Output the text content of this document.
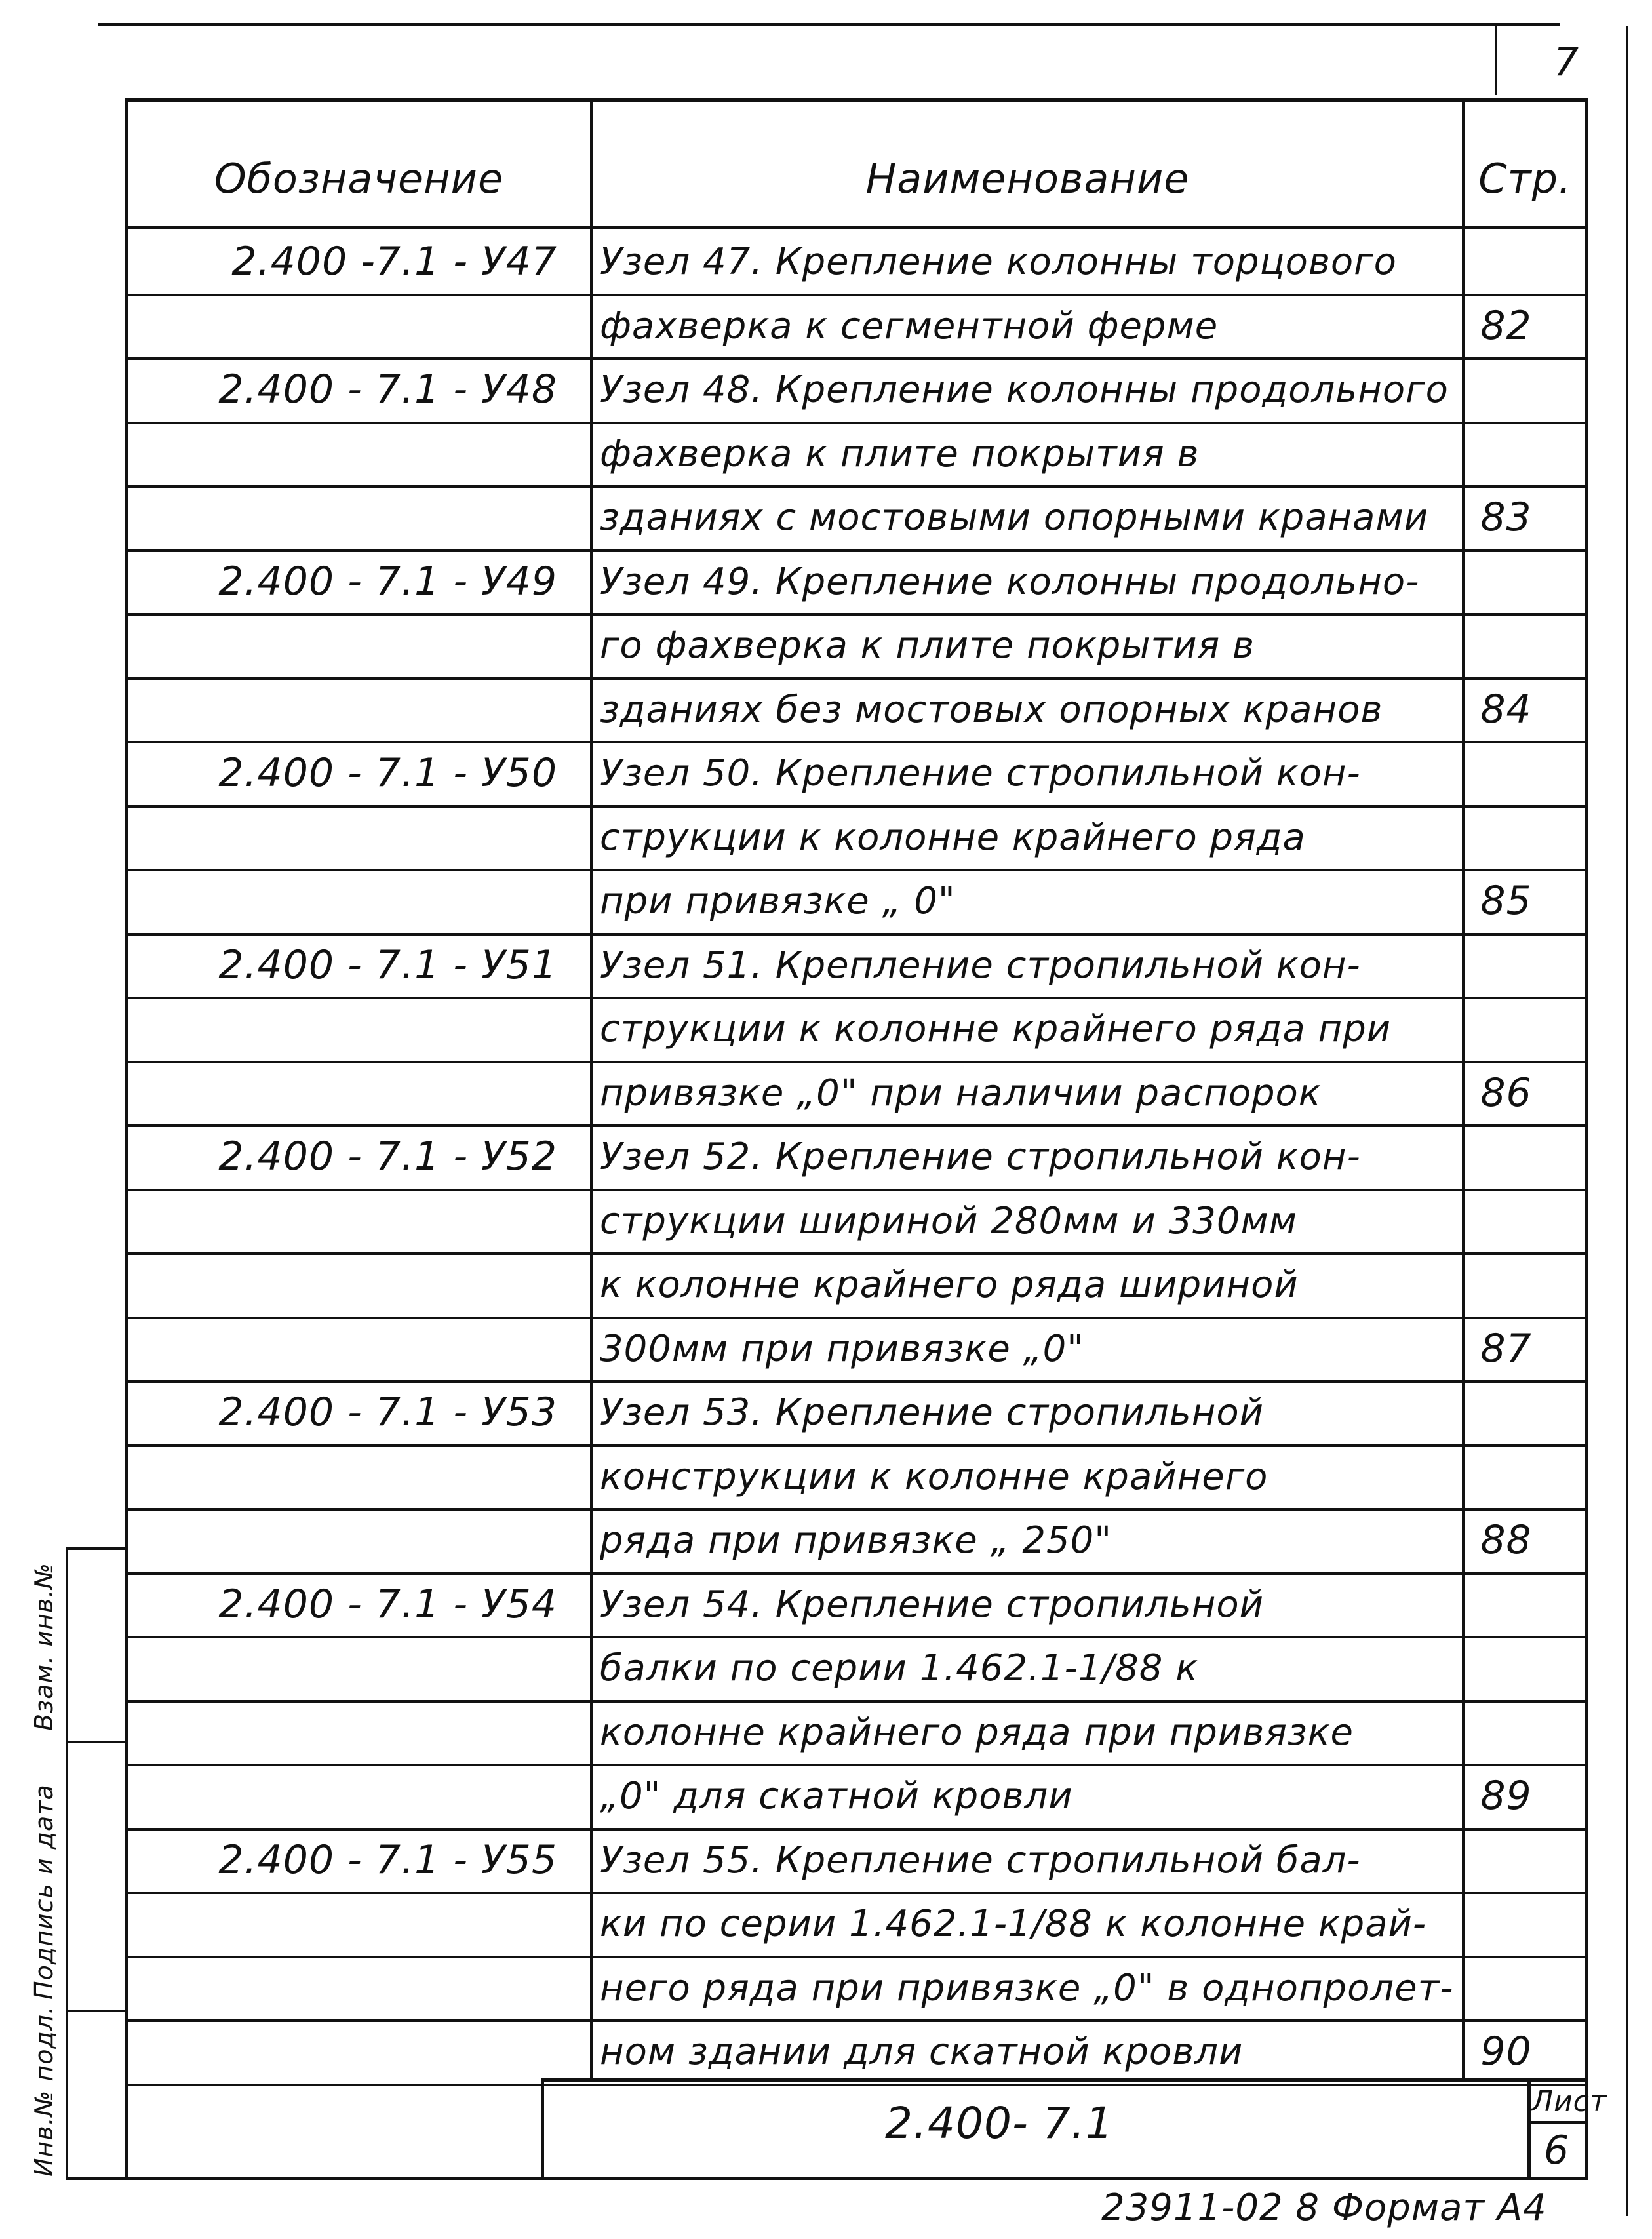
7
Обозначение	Наименование	Стр.
2.400 -7.1 - У47	Узел 47. Крепление колонны торцового
фахверка к сегментной ферме	82
2.400 - 7.1 - У48	Узел 48. Крепление колонны продольного
фахверка к плите покрытия в
зданиях с мостовыми опорными кранами	83
2.400 - 7.1 - У49	Узел 49. Крепление колонны продольно-
го фахверка к плите покрытия в
зданиях без мостовых опорных кранов	84
2.400 - 7.1 - У50	Узел 50. Крепление стропильной кон-
струкции к колонне крайнего ряда
при привязке „ 0"	85
2.400 - 7.1 - У51	Узел 51. Крепление стропильной кон-
струкции к колонне крайнего ряда при
привязке „0" при наличии распорок	86
2.400 - 7.1 - У52	Узел 52. Крепление стропильной кон-
струкции шириной 280мм и 330мм
к колонне крайнего ряда шириной
300мм при привязке „0"	87
2.400 - 7.1 - У53	Узел 53. Крепление стропильной
конструкции к колонне крайнего
ряда при привязке „ 250"	88
2.400 - 7.1 - У54	Узел 54. Крепление стропильной
балки по серии 1.462.1-1/88 к
колонне крайнего ряда при привязке
„0" для скатной кровли	89
2.400 - 7.1 - У55	Узел 55. Крепление стропильной бал-
ки по серии 1.462.1-1/88 к колонне край-
него ряда при привязке „0" в однопролет-
ном здании для скатной кровли	90
Взам. инв.№
Подпись и дата
Инв.№ подл.	Лист
2.400- 7.1
6
23911-02 8 Формат А4
